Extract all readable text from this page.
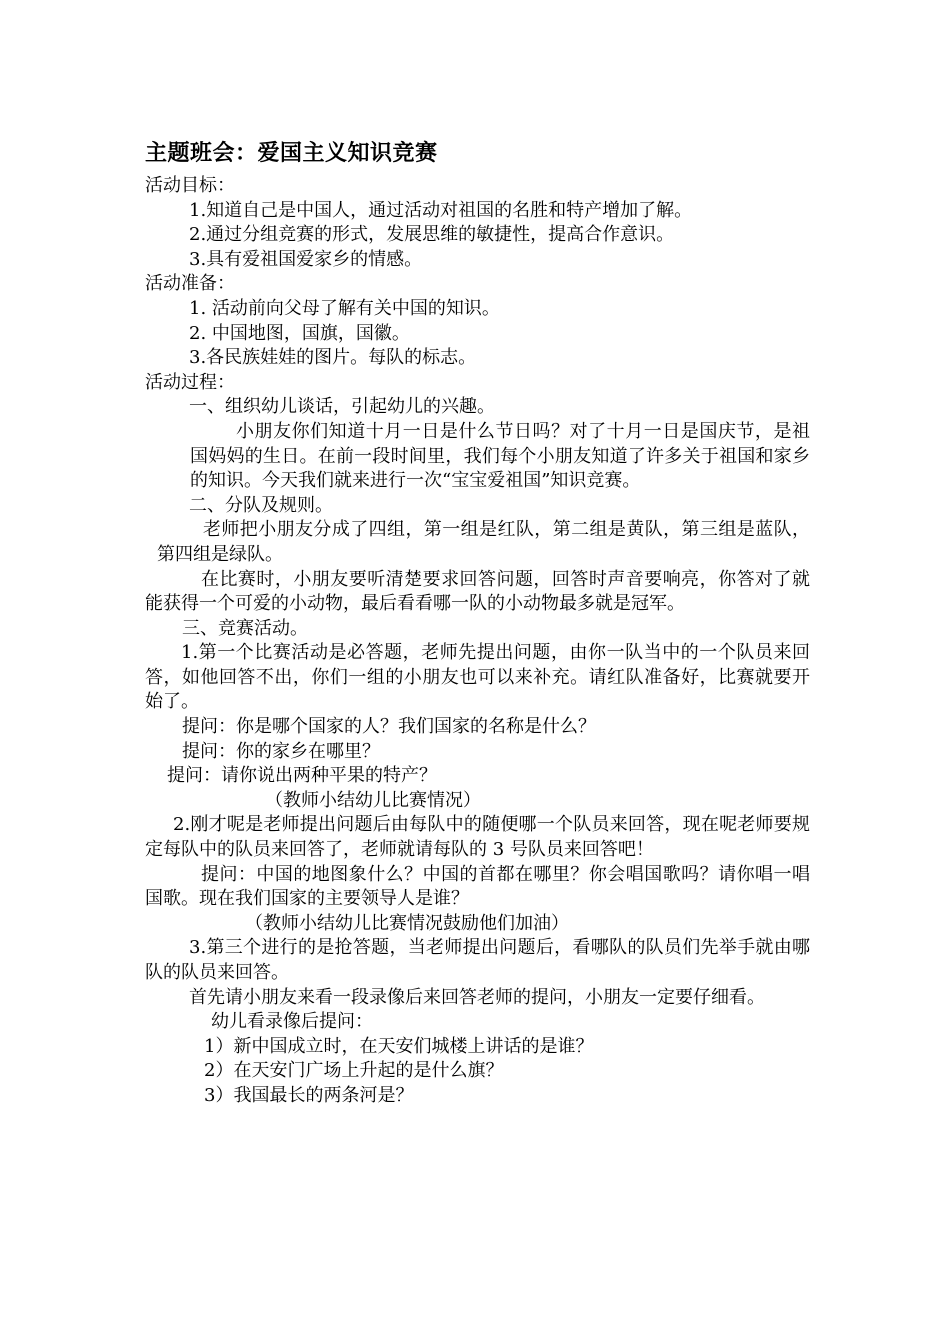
主题班会：爱国主义知识竞赛

活动目标：

1.知道自己是中国人，通过活动对祖国的名胜和特产增加了解。

2.通过分组竞赛的形式，发展思维的敏捷性，提高合作意识。

3.具有爱祖国爱家乡的情感。

活动准备：

1. 活动前向父母了解有关中国的知识。

2. 中国地图，国旗，国徽。

3.各民族娃娃的图片。每队的标志。

活动过程：

一、组织幼儿谈话，引起幼儿的兴趣。

小朋友你们知道十月一日是什么节日吗？对了十月一日是国庆节，是祖国妈妈的生日。在前一段时间里，我们每个小朋友知道了许多关于祖国和家乡的知识。今天我们就来进行一次“宝宝爱祖国”知识竞赛。

二、分队及规则。

老师把小朋友分成了四组，第一组是红队，第二组是黄队，第三组是蓝队，第四组是绿队。

在比赛时，小朋友要听清楚要求回答问题，回答时声音要响亮，你答对了就能获得一个可爱的小动物，最后看看哪一队的小动物最多就是冠军。

三、竞赛活动。

1.第一个比赛活动是必答题，老师先提出问题，由你一队当中的一个队员来回答，如他回答不出，你们一组的小朋友也可以来补充。请红队准备好，比赛就要开始了。

提问：你是哪个国家的人？我们国家的名称是什么？

提问：你的家乡在哪里？

提问：请你说出两种平果的特产？

（教师小结幼儿比赛情况）

2.刚才呢是老师提出问题后由每队中的随便哪一个队员来回答，现在呢老师要规定每队中的队员来回答了，老师就请每队的 3 号队员来回答吧！

提问：中国的地图象什么？中国的首都在哪里？你会唱国歌吗？请你唱一唱国歌。现在我们国家的主要领导人是谁？

（教师小结幼儿比赛情况鼓励他们加油）

3.第三个进行的是抢答题，当老师提出问题后，看哪队的队员们先举手就由哪队的队员来回答。

首先请小朋友来看一段录像后来回答老师的提问，小朋友一定要仔细看。

幼儿看录像后提问：

1）新中国成立时，在天安们城楼上讲话的是谁？

2）在天安门广场上升起的是什么旗？

3）我国最长的两条河是？
